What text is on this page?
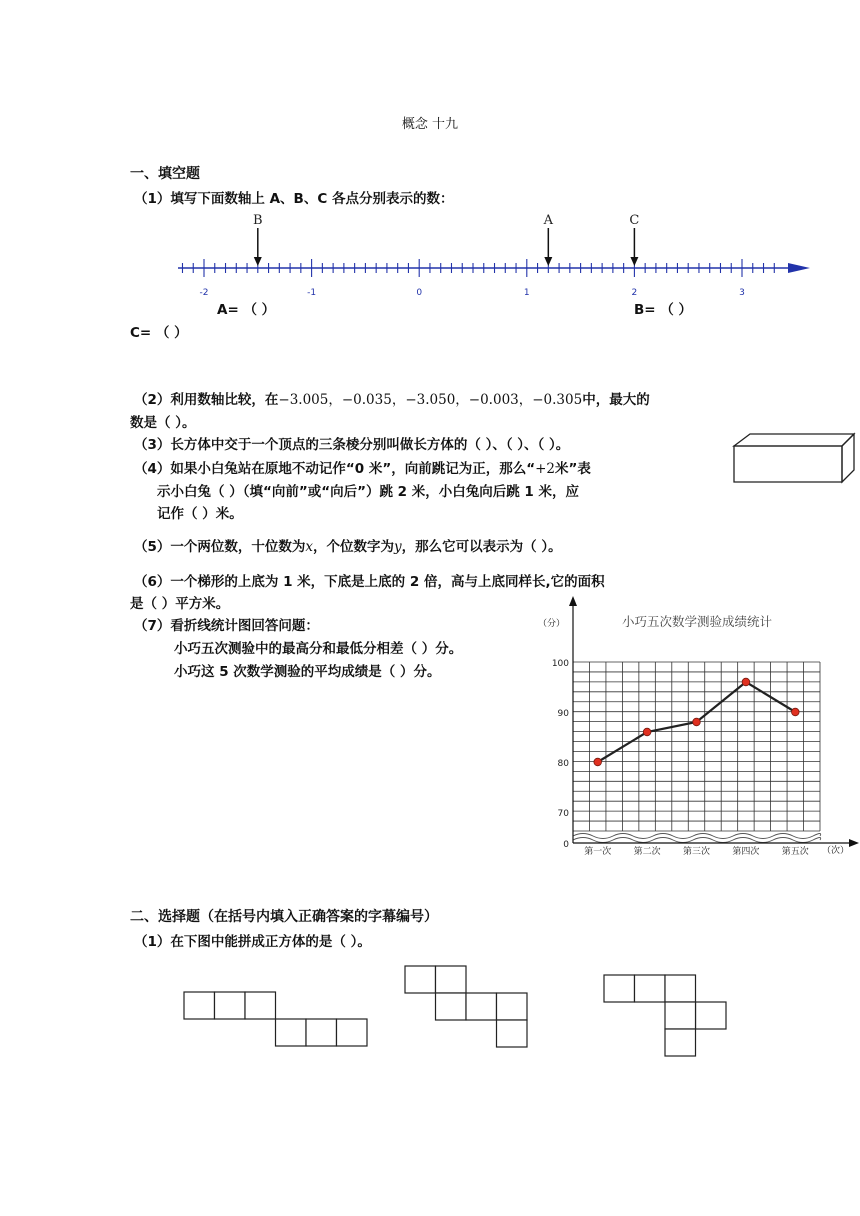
概念 十九
一、填空题
（1）填写下面数轴上 A、B、C 各点分别表示的数：
-2	-1	0	1	2	3
B	A	C
A= （ ）	B= （ ）
C= （ ）
（2）利用数轴比较，在−3.005，−0.035，−3.050，−0.003，−0.305中，最大的
数是（ ）。
（3）长方体中交于一个顶点的三条棱分别叫做长方体的（ ）、（ ）、（ ）。
（4）如果小白兔站在原地不动记作“0 米”，向前跳记为正，那么“+2米”表
示小白兔（ ）（填“向前”或“向后”）跳 2 米，小白兔向后跳 1 米，应
记作（ ）米。
（5）一个两位数，十位数为x，个位数字为y，那么它可以表示为（ ）。
（6）一个梯形的上底为 1 米，下底是上底的 2 倍，高与上底同样长,它的面积
是（ ）平方米。
（7）看折线统计图回答问题：
小巧五次测验中的最高分和最低分相差（ ）分。
小巧这 5 次数学测验的平均成绩是（ ）分。
小巧五次数学测验成绩统计
（分）
（次）
0
70
80
90
100
第一次 第二次 第三次 第四次 第五次
二、选择题（在括号内填入正确答案的字幕编号）
（1）在下图中能拼成正方体的是（ ）。
